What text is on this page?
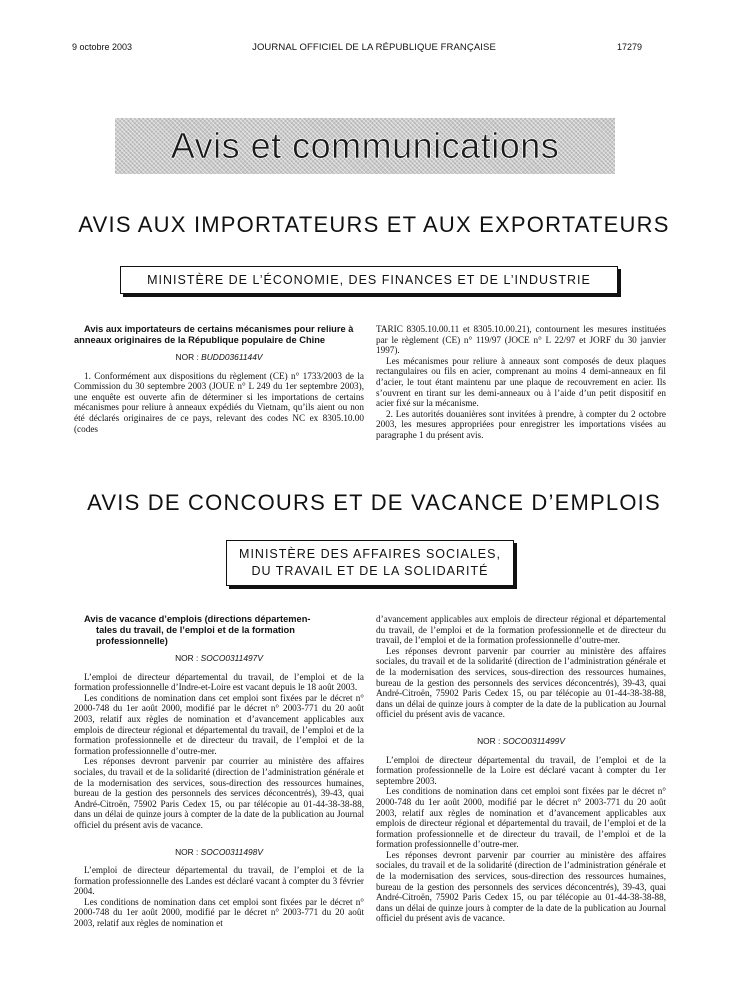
9 octobre 2003	JOURNAL OFFICIEL DE LA RÉPUBLIQUE FRANÇAISE	17279
Avis et communications
AVIS AUX IMPORTATEURS ET AUX EXPORTATEURS
MINISTÈRE DE L’ÉCONOMIE, DES FINANCES ET DE L’INDUSTRIE

Avis aux importateurs de certains mécanismes pour reliure à anneaux originaires de la République populaire de Chine

NOR : BUDD0361144V

1. Conformément aux dispositions du règlement (CE) n° 1733/2003 de la Commission du 30 septembre 2003 (JOUE n° L 249 du 1er septembre 2003), une enquête est ouverte afin de déterminer si les importations de certains mécanismes pour reliure à anneaux expédiés du Vietnam, qu’ils aient ou non été déclarés originaires de ce pays, relevant des codes NC ex 8305.10.00 (codes

TARIC 8305.10.00.11 et 8305.10.00.21), contournent les mesures instituées par le règlement (CE) n° 119/97 (JOCE n° L 22/97 et JORF du 30 janvier 1997).

Les mécanismes pour reliure à anneaux sont composés de deux plaques rectangulaires ou fils en acier, comprenant au moins 4 demi-anneaux en fil d’acier, le tout étant maintenu par une plaque de recouvrement en acier. Ils s’ouvrent en tirant sur les demi-anneaux ou à l’aide d’un petit dispositif en acier fixé sur la mécanisme.

2. Les autorités douanières sont invitées à prendre, à compter du 2 octobre 2003, les mesures appropriées pour enregistrer les importations visées au paragraphe 1 du présent avis.

AVIS DE CONCOURS ET DE VACANCE D’EMPLOIS
MINISTÈRE DES AFFAIRES SOCIALES,
DU TRAVAIL ET DE LA SOLIDARITÉ

Avis de vacance d’emplois (directions départemen-
tales du travail, de l’emploi et de la formation
professionnelle)

NOR : SOCO0311497V

L’emploi de directeur départemental du travail, de l’emploi et de la formation professionnelle d’Indre-et-Loire est vacant depuis le 18 août 2003.

Les conditions de nomination dans cet emploi sont fixées par le décret n° 2000-748 du 1er août 2000, modifié par le décret n° 2003-771 du 20 août 2003, relatif aux règles de nomination et d’avancement applicables aux emplois de directeur régional et départemental du travail, de l’emploi et de la formation professionnelle et de directeur du travail, de l’emploi et de la formation professionnelle d’outre-mer.

Les réponses devront parvenir par courrier au ministère des affaires sociales, du travail et de la solidarité (direction de l’administration générale et de la modernisation des services, sous-direction des ressources humaines, bureau de la gestion des personnels des services déconcentrés), 39-43, quai André-Citroën, 75902 Paris Cedex 15, ou par télécopie au 01-44-38-38-88, dans un délai de quinze jours à compter de la date de la publication au Journal officiel du présent avis de vacance.

NOR : SOCO0311498V

L’emploi de directeur départemental du travail, de l’emploi et de la formation professionnelle des Landes est déclaré vacant à compter du 3 février 2004.

Les conditions de nomination dans cet emploi sont fixées par le décret n° 2000-748 du 1er août 2000, modifié par le décret n° 2003-771 du 20 août 2003, relatif aux règles de nomination et

d’avancement applicables aux emplois de directeur régional et départemental du travail, de l’emploi et de la formation professionnelle et de directeur du travail, de l’emploi et de la formation professionnelle d’outre-mer.

Les réponses devront parvenir par courrier au ministère des affaires sociales, du travail et de la solidarité (direction de l’administration générale et de la modernisation des services, sous-direction des ressources humaines, bureau de la gestion des personnels des services déconcentrés), 39-43, quai André-Citroën, 75902 Paris Cedex 15, ou par télécopie au 01-44-38-38-88, dans un délai de quinze jours à compter de la date de la publication au Journal officiel du présent avis de vacance.

NOR : SOCO0311499V

L’emploi de directeur départemental du travail, de l’emploi et de la formation professionnelle de la Loire est déclaré vacant à compter du 1er septembre 2003.

Les conditions de nomination dans cet emploi sont fixées par le décret n° 2000-748 du 1er août 2000, modifié par le décret n° 2003-771 du 20 août 2003, relatif aux règles de nomination et d’avancement applicables aux emplois de directeur régional et départemental du travail, de l’emploi et de la formation professionnelle et de directeur du travail, de l’emploi et de la formation professionnelle d’outre-mer.

Les réponses devront parvenir par courrier au ministère des affaires sociales, du travail et de la solidarité (direction de l’administration générale et de la modernisation des services, sous-direction des ressources humaines, bureau de la gestion des personnels des services déconcentrés), 39-43, quai André-Citroën, 75902 Paris Cedex 15, ou par télécopie au 01-44-38-38-88, dans un délai de quinze jours à compter de la date de la publication au Journal officiel du présent avis de vacance.
